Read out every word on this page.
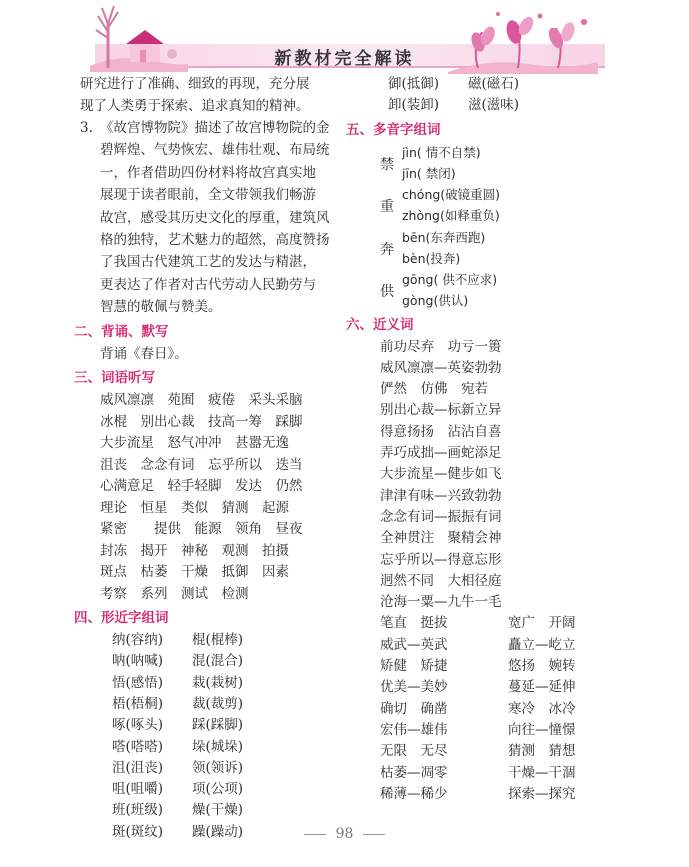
新教材完全解读
研究进行了准确、细致的再现，充分展
现了人类勇于探索、追求真知的精神。
3. 《故宫博物院》描述了故宫博物院的金
碧辉煌、气势恢宏、雄伟壮观、布局统
一，作者借助四份材料将故宫真实地
展现于读者眼前，全文带领我们畅游
故宫，感受其历史文化的厚重，建筑风
格的独特，艺术魅力的超然，高度赞扬
了我国古代建筑工艺的发达与精湛，
更表达了作者对古代劳动人民勤劳与
智慧的敬佩与赞美。
二、背诵、默写
背诵《春日》。
三、词语听写
威风凛凛　苑囿　疲倦　采头采脑
冰棍　别出心裁　技高一筹　踩脚
大步流星　怒气冲冲　甚嚣无逸
沮丧　念念有词　忘乎所以　迭当
心满意足　轻手轻脚　发达　仍然
理论　恒星　类似　猜测　起源
紧密　　提供　能源　领角　昼夜
封冻　揭开　神秘　观测　拍摄
斑点　枯萎　干燥　抵御　因素
考察　系列　测试　检测
四、形近字组词
纳(容纳) 棍(棍棒)
呐(呐喊) 混(混合)
悟(感悟) 栽(栽树)
梧(梧桐) 裁(裁剪)
啄(啄头) 踩(踩脚)
嗒(嗒嗒) 垛(城垛)
沮(沮丧) 领(领诉)
咀(咀嚼) 项(公项)
班(班级) 燥(干燥)
斑(斑纹) 躁(躁动)
御(抵御) 磁(磁石)
卸(装卸) 滋(滋味)
五、多音字组词
禁
jìn( 情不自禁)
jīn( 禁闭)
重
chóng(破镜重圆)
zhòng(如释重负)
奔
bēn(东奔西跑)
bèn(投奔)
供
gōng( 供不应求)
gòng(供认)
六、近义词
前功尽弃　功亏一篑
威风凛凛—英姿勃勃
俨然　仿佛　宛若
别出心裁—标新立异
得意扬扬　沾沾自喜
弄巧成拙—画蛇添足
大步流星—健步如飞
津津有味—兴致勃勃
念念有词—振振有词
全神贯注　聚精会神
忘乎所以—得意忘形
迥然不同　大相径庭
沧海一粟—九牛一毛
笔直　挺拔	宽广　开阔
威武—英武	矗立—屹立
矫健　矫捷	悠扬　婉转
优美—美妙	蔓延—延伸
确切　确凿	寒冷　冰冷
宏伟—雄伟	向往—憧憬
无限　无尽	猜测　猜想
枯萎—凋零	干燥—干涸
稀薄—稀少	探索—探究
98
